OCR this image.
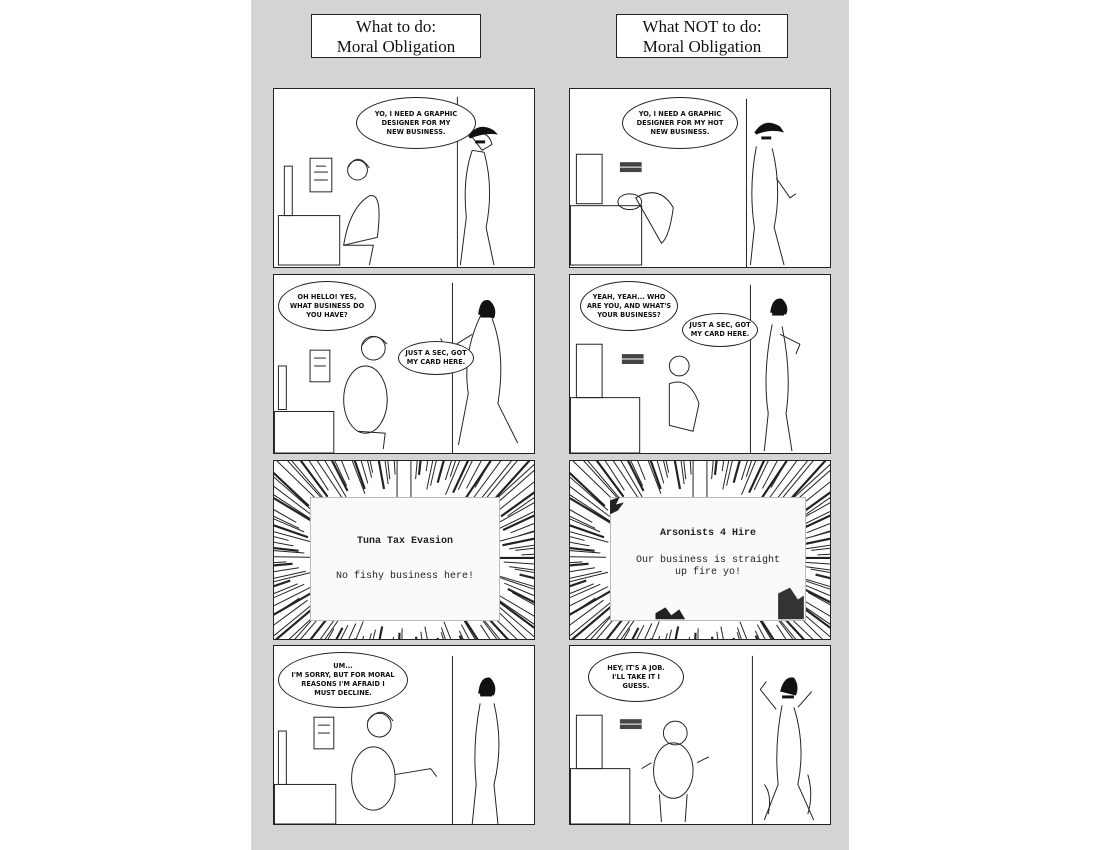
What to do:
Moral Obligation
What NOT to do:
Moral Obligation
YO, I NEED A GRAPHIC
DESIGNER FOR MY
NEW BUSINESS.
OH HELLO! YES,
WHAT BUSINESS DO
YOU HAVE?
JUST A SEC, GOT
MY CARD HERE.
Tuna Tax Evasion
No fishy business here!
UM...
I'M SORRY, BUT FOR MORAL
REASONS I'M AFRAID I
MUST DECLINE.
YO, I NEED A GRAPHIC
DESIGNER FOR MY HOT
NEW BUSINESS.
YEAH, YEAH... WHO
ARE YOU, AND WHAT'S
YOUR BUSINESS?
JUST A SEC, GOT
MY CARD HERE.
Arsonists 4 Hire
Our business is straight
up fire yo!
HEY, IT'S A JOB.
I'LL TAKE IT I
GUESS.
